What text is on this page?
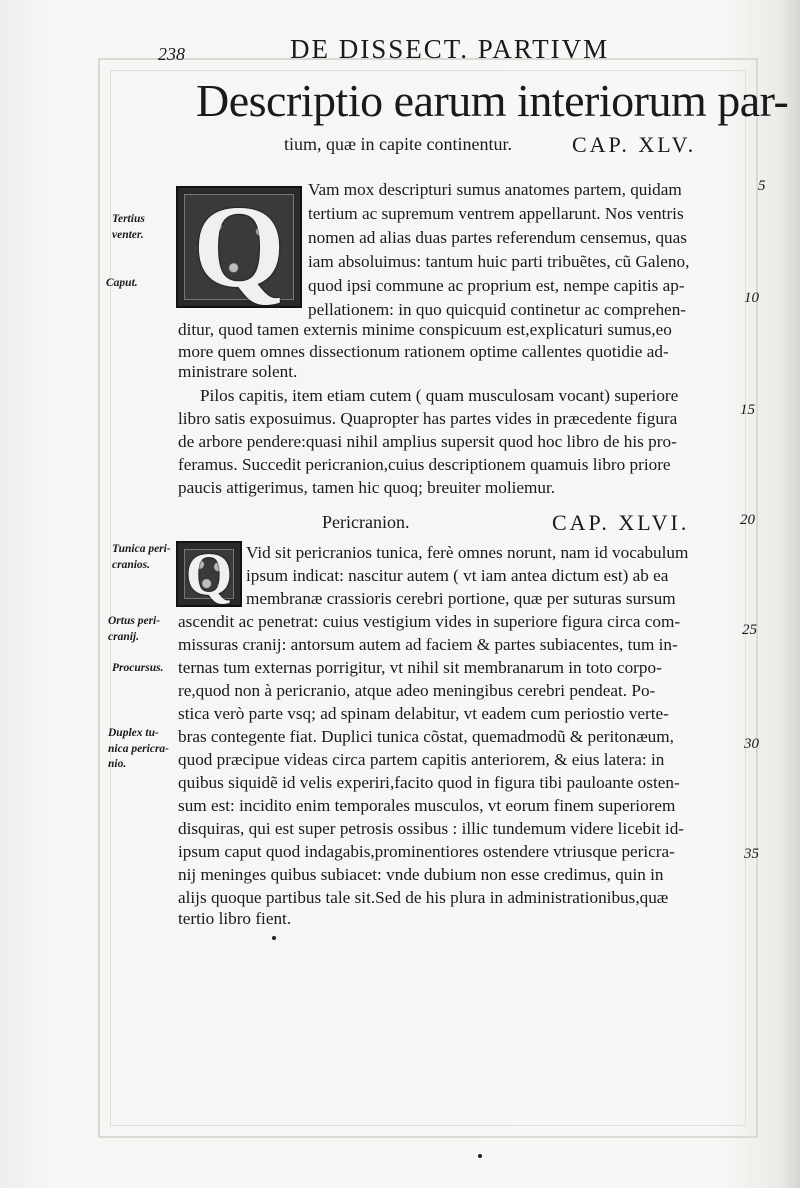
238	DE DISSECT. PARTIVM
Descriptio earum interiorum par-
tium, quæ in capite continentur.	CAP. XLV.
Q
Tertius
venter.
Caput.
Tunica peri-
cranios.
Ortus peri-
cranij.
Procursus.
Duplex tu-
nica pericra-
nio.
5
10
15
20
25
30
35
Vam mox descripturi sumus anatomes partem, quidam
tertium ac supremum ventrem appellarunt. Nos ventris
nomen ad alias duas partes referendum censemus, quas
iam absoluimus: tantum huic parti tribuẽtes, cũ Galeno,
quod ipsi commune ac proprium est, nempe capitis ap-
pellationem: in quo quicquid continetur ac comprehen-
ditur, quod tamen externis minime conspicuum est,explicaturi sumus,eo
more quem omnes dissectionum rationem optime callentes quotidie ad-
ministrare solent.
Pilos capitis, item etiam cutem ( quam musculosam vocant) superiore
libro satis exposuimus. Quapropter has partes vides in præcedente figura
de arbore pendere:quasi nihil amplius supersit quod hoc libro de his pro-
feramus. Succedit pericranion,cuius descriptionem quamuis libro priore
paucis attigerimus, tamen hic quoq; breuiter moliemur.
Pericranion.	CAP. XLVI.
Q Vid sit pericranios tunica, ferè omnes norunt, nam id vocabulum
ipsum indicat: nascitur autem ( vt iam antea dictum est) ab ea
membranæ crassioris cerebri portione, quæ per suturas sursum
ascendit ac penetrat: cuius vestigium vides in superiore figura circa com-
missuras cranij: antorsum autem ad faciem & partes subiacentes, tum in-
ternas tum externas porrigitur, vt nihil sit membranarum in toto corpo-
re,quod non à pericranio, atque adeo meningibus cerebri pendeat. Po-
stica verò parte vsq; ad spinam delabitur, vt eadem cum periostio verte-
bras contegente fiat. Duplici tunica cõstat, quemadmodũ & peritonæum,
quod præcipue videas circa partem capitis anteriorem, & eius latera: in
quibus siquidẽ id velis experiri,facito quod in figura tibi pauloante osten-
sum est: incidito enim temporales musculos, vt eorum finem superiorem
disquiras, qui est super petrosis ossibus : illic tundemum videre licebit id-
ipsum caput quod indagabis,prominentiores ostendere vtriusque pericra-
nij meninges quibus subiacet: vnde dubium non esse credimus, quin in
alijs quoque partibus tale sit.Sed de his plura in administrationibus,quæ
tertio libro fient.
